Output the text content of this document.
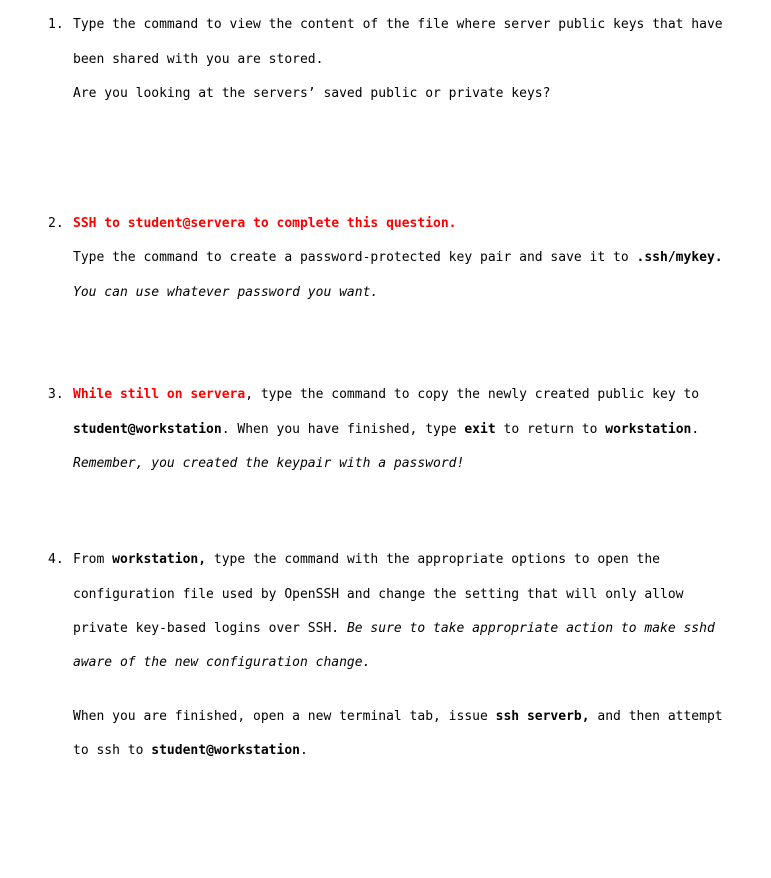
1. Type the command to view the content of the file where server public keys that have
been shared with you are stored.
Are you looking at the servers’ saved public or private keys?
2. SSH to student@servera to complete this question.
Type the command to create a password-protected key pair and save it to .ssh/mykey.
You can use whatever password you want.
3. While still on servera, type the command to copy the newly created public key to
student@workstation. When you have finished, type exit to return to workstation.
Remember, you created the keypair with a password!
4. From workstation, type the command with the appropriate options to open the
configuration file used by OpenSSH and change the setting that will only allow
private key-based logins over SSH. Be sure to take appropriate action to make sshd
aware of the new configuration change.
When you are finished, open a new terminal tab, issue ssh serverb, and then attempt
to ssh to student@workstation.
